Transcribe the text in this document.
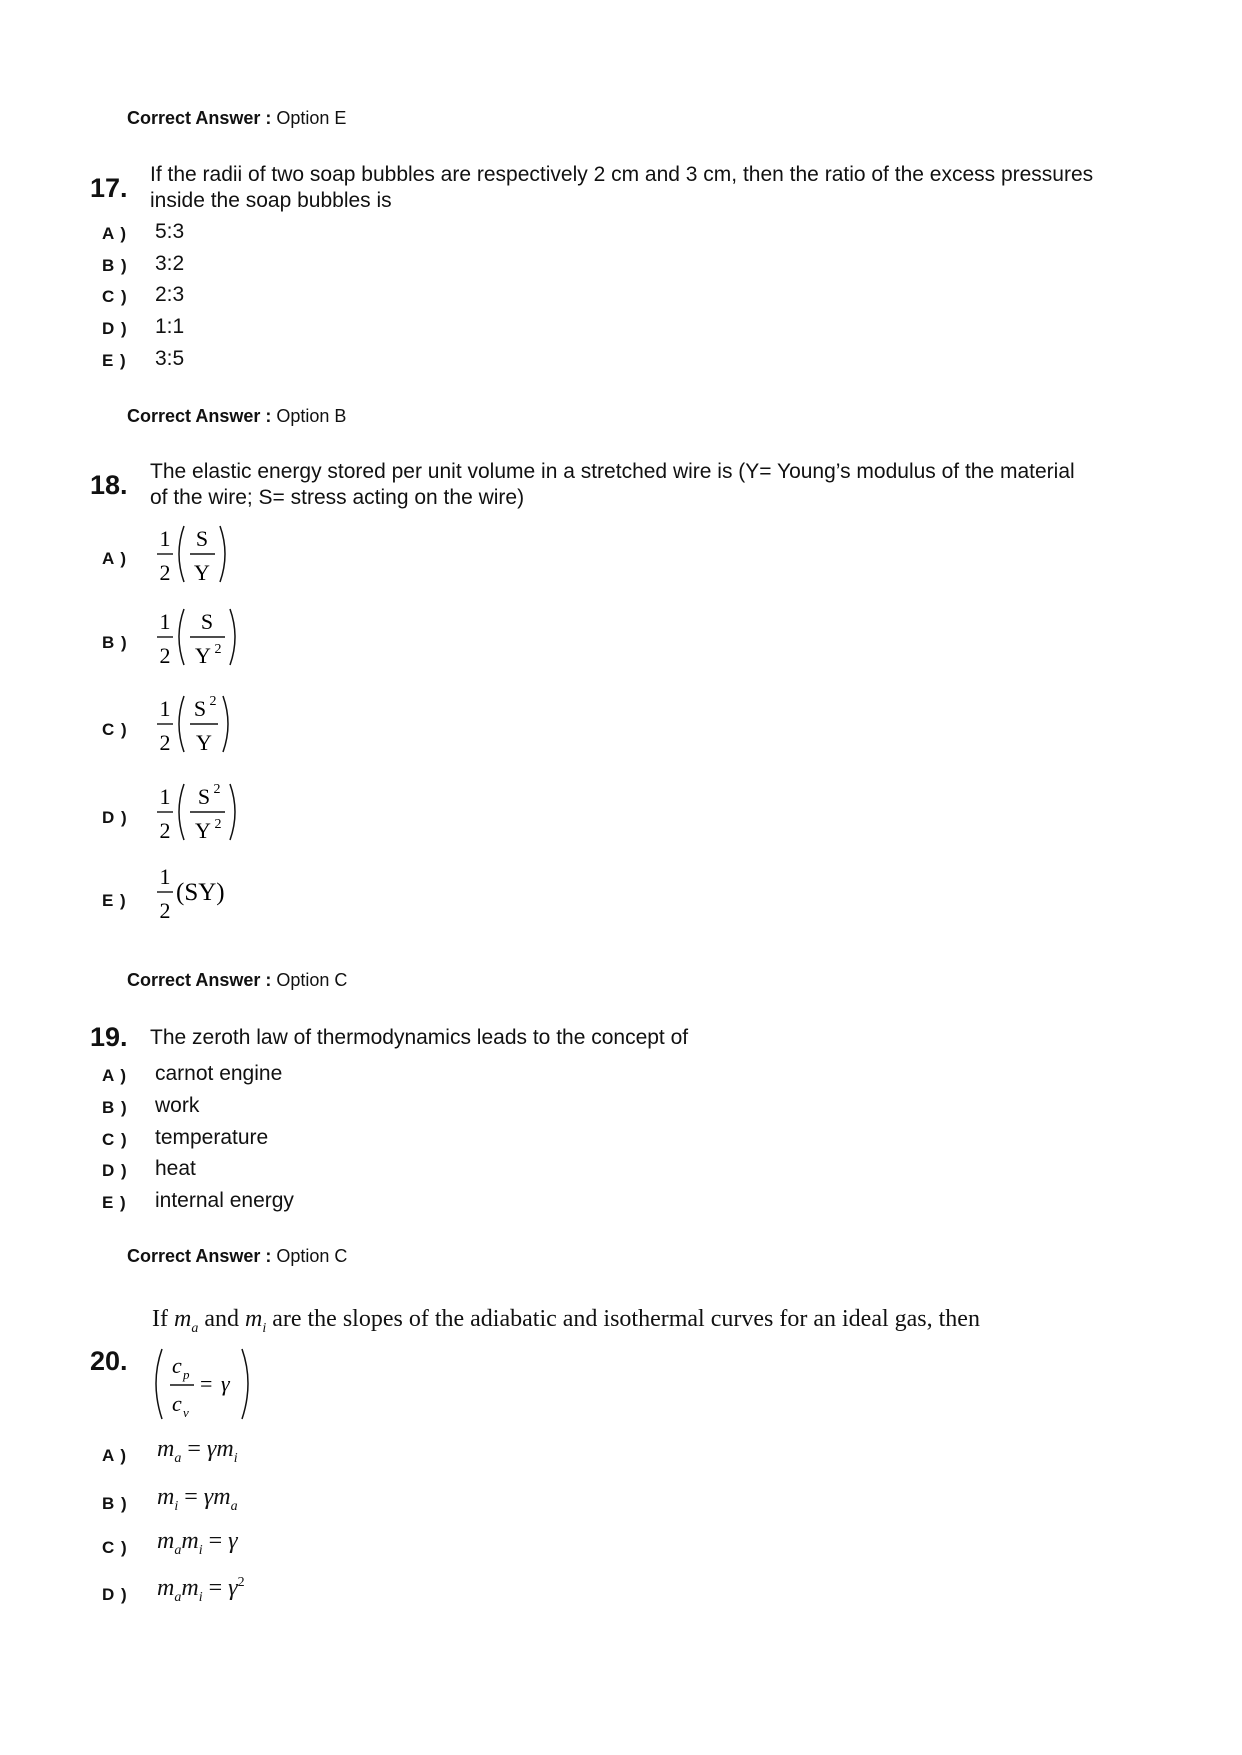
Correct Answer : Option E
17. If the radii of two soap bubbles are respectively 2 cm and 3 cm, then the ratio of the excess pressures
inside the soap bubbles is
A ) 5:3
B ) 3:2
C ) 2:3
D ) 1:1
E ) 3:5
Correct Answer : Option B
18. The elastic energy stored per unit volume in a stretched wire is (Y= Young’s modulus of the material
of the wire; S= stress acting on the wire)
A )
1
2
S
Y
B )
1
2
S
Y 2
C )
1
2
S 2
Y
D )
1
2
S 2
Y 2
E )
1
2
(SY)
Correct Answer : Option C
19. The zeroth law of thermodynamics leads to the concept of
A ) carnot engine
B ) work
C ) temperature
D ) heat
E ) internal energy
Correct Answer : Option C
If $m_a$ and $m_i$ are the slopes of the adiabatic and isothermal curves for an ideal gas, then
20. c p
c v
= γ
A ) $m_a = \gamma m_i$
B ) $m_i = \gamma m_a$
C ) $m_am_i = \gamma$
D ) $m_am_i = \gamma^2$
